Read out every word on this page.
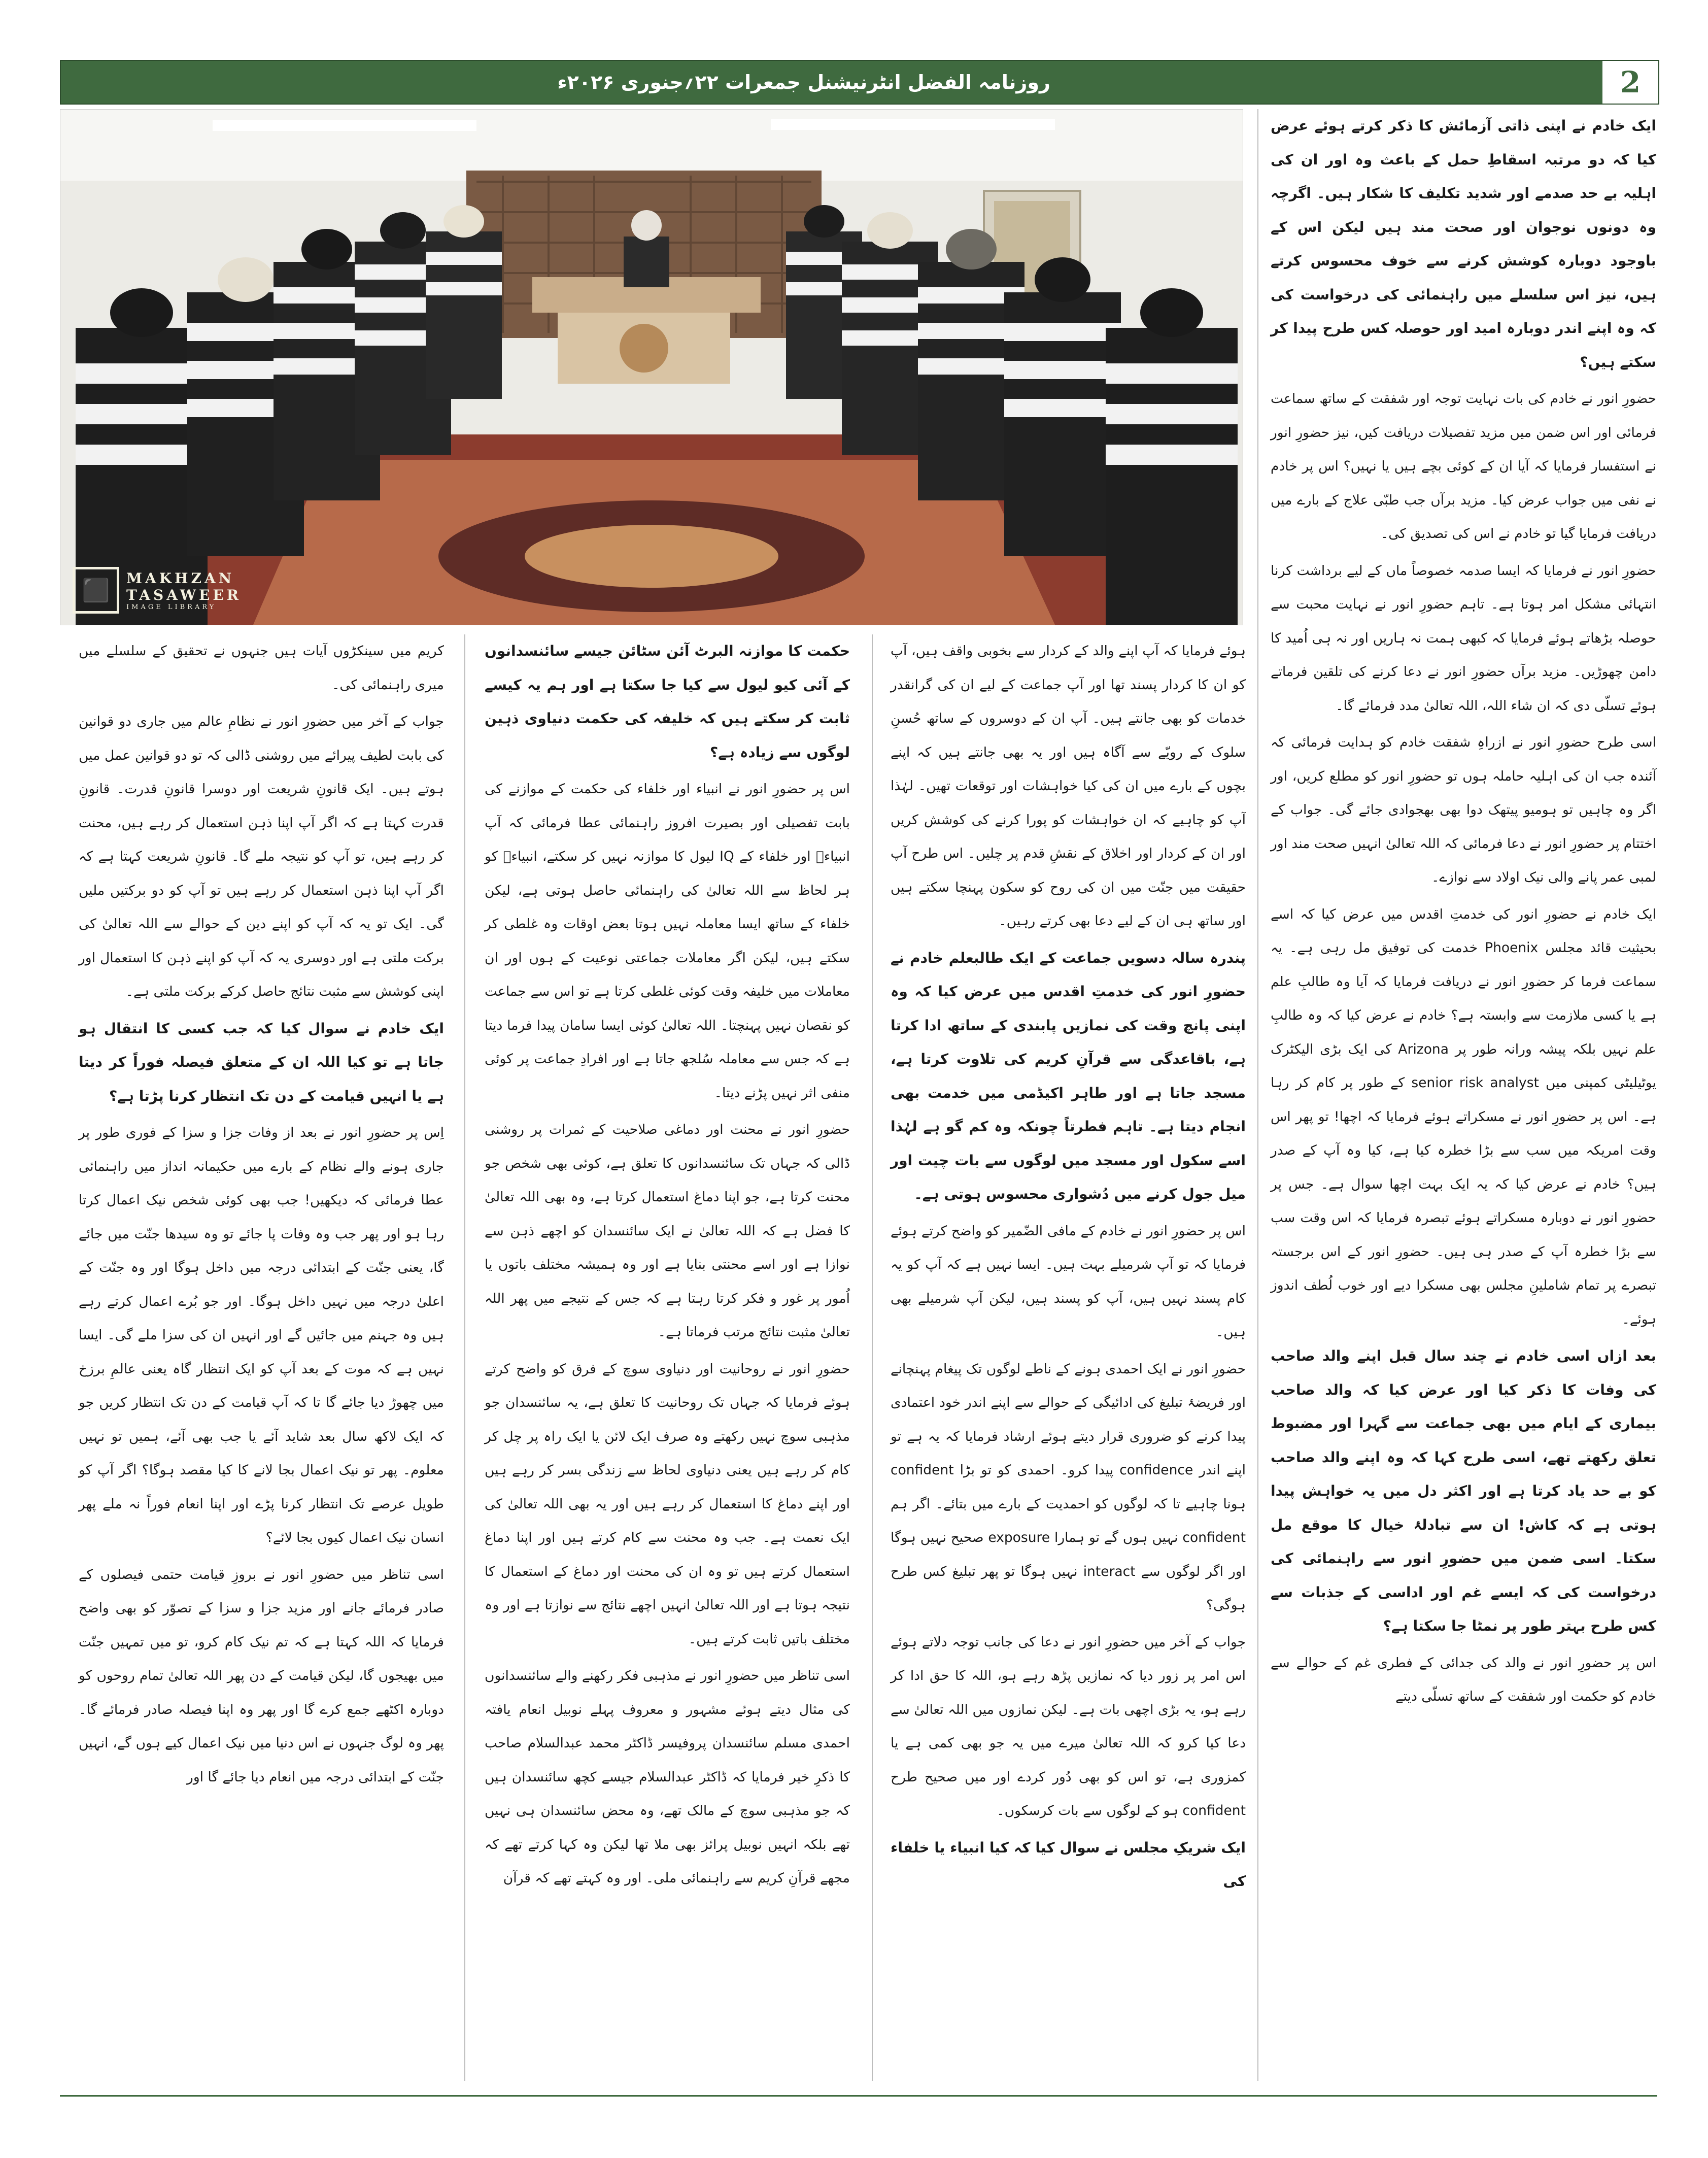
روزنامہ الفضل انٹرنیشنل جمعرات ۲۲؍جنوری ۲۰۲۶ء	2
⬛	MAKHZAN
TASAWEER
IMAGE LIBRARY

ایک خادم نے اپنی ذاتی آزمائش کا ذکر کرتے ہوئے عرض کیا کہ دو مرتبہ اسقاطِ حمل کے باعث وہ اور ان کی اہلیہ بے حد صدمے اور شدید تکلیف کا شکار ہیں۔ اگرچہ وہ دونوں نوجوان اور صحت مند ہیں لیکن اس کے باوجود دوبارہ کوشش کرنے سے خوف محسوس کرتے ہیں، نیز اس سلسلے میں راہنمائی کی درخواست کی کہ وہ اپنے اندر دوبارہ امید اور حوصلہ کس طرح پیدا کر سکتے ہیں؟

حضورِ انور نے خادم کی بات نہایت توجہ اور شفقت کے ساتھ سماعت فرمائی اور اس ضمن میں مزید تفصیلات دریافت کیں، نیز حضورِ انور نے استفسار فرمایا کہ آیا ان کے کوئی بچے ہیں یا نہیں؟ اس پر خادم نے نفی میں جواب عرض کیا۔ مزید برآں جب طبّی علاج کے بارے میں دریافت فرمایا گیا تو خادم نے اس کی تصدیق کی۔

حضورِ انور نے فرمایا کہ ایسا صدمہ خصوصاً ماں کے لیے برداشت کرنا انتہائی مشکل امر ہوتا ہے۔ تاہم حضورِ انور نے نہایت محبت سے حوصلہ بڑھاتے ہوئے فرمایا کہ کبھی ہمت نہ ہاریں اور نہ ہی اُمید کا دامن چھوڑیں۔ مزید برآں حضورِ انور نے دعا کرنے کی تلقین فرماتے ہوئے تسلّی دی کہ ان شاء اللہ، اللہ تعالیٰ مدد فرمائے گا۔

اسی طرح حضورِ انور نے ازراہِ شفقت خادم کو ہدایت فرمائی کہ آئندہ جب ان کی اہلیہ حاملہ ہوں تو حضورِ انور کو مطلع کریں، اور اگر وہ چاہیں تو ہومیو پیتھک دوا بھی بھجوادی جائے گی۔ جواب کے اختتام پر حضورِ انور نے دعا فرمائی کہ اللہ تعالیٰ انہیں صحت مند اور لمبی عمر پانے والی نیک اولاد سے نوازے۔

ایک خادم نے حضورِ انور کی خدمتِ اقدس میں عرض کیا کہ اسے بحیثیت قائد مجلس Phoenix خدمت کی توفیق مل رہی ہے۔ یہ سماعت فرما کر حضورِ انور نے دریافت فرمایا کہ آیا وہ طالبِ علم ہے یا کسی ملازمت سے وابستہ ہے؟ خادم نے عرض کیا کہ وہ طالبِ علم نہیں بلکہ پیشہ ورانہ طور پر Arizona کی ایک بڑی الیکٹرک یوٹیلیٹی کمپنی میں senior risk analyst کے طور پر کام کر رہا ہے۔ اس پر حضورِ انور نے مسکراتے ہوئے فرمایا کہ اچھا! تو پھر اس وقت امریکہ میں سب سے بڑا خطرہ کیا ہے، کیا وہ آپ کے صدر ہیں؟ خادم نے عرض کیا کہ یہ ایک بہت اچھا سوال ہے۔ جس پر حضورِ انور نے دوبارہ مسکراتے ہوئے تبصرہ فرمایا کہ اس وقت سب سے بڑا خطرہ آپ کے صدر ہی ہیں۔ حضورِ انور کے اس برجستہ تبصرے پر تمام شاملینِ مجلس بھی مسکرا دیے اور خوب لُطف اندوز ہوئے۔

بعد ازاں اسی خادم نے چند سال قبل اپنے والد صاحب کی وفات کا ذکر کیا اور عرض کیا کہ والد صاحب بیماری کے ایام میں بھی جماعت سے گہرا اور مضبوط تعلق رکھتے تھے، اسی طرح کہا کہ وہ اپنے والد صاحب کو بے حد یاد کرتا ہے اور اکثر دل میں یہ خواہش پیدا ہوتی ہے کہ کاش! ان سے تبادلۂ خیال کا موقع مل سکتا۔ اسی ضمن میں حضورِ انور سے راہنمائی کی درخواست کی کہ ایسے غم اور اداسی کے جذبات سے کس طرح بہتر طور پر نمٹا جا سکتا ہے؟

اس پر حضورِ انور نے والد کی جدائی کے فطری غم کے حوالے سے خادم کو حکمت اور شفقت کے ساتھ تسلّی دیتے

ہوئے فرمایا کہ آپ اپنے والد کے کردار سے بخوبی واقف ہیں، آپ کو ان کا کردار پسند تھا اور آپ جماعت کے لیے ان کی گرانقدر خدمات کو بھی جانتے ہیں۔ آپ ان کے دوسروں کے ساتھ حُسنِ سلوک کے رویّے سے آگاہ ہیں اور یہ بھی جانتے ہیں کہ اپنے بچوں کے بارے میں ان کی کیا خواہشات اور توقعات تھیں۔ لہٰذا آپ کو چاہیے کہ ان خواہشات کو پورا کرنے کی کوشش کریں اور ان کے کردار اور اخلاق کے نقشِ قدم پر چلیں۔ اس طرح آپ حقیقت میں جنّت میں ان کی روح کو سکون پہنچا سکتے ہیں اور ساتھ ہی ان کے لیے دعا بھی کرتے رہیں۔

پندرہ سالہ دسویں جماعت کے ایک طالبعلم خادم نے حضورِ انور کی خدمتِ اقدس میں عرض کیا کہ وہ اپنی پانچ وقت کی نمازیں پابندی کے ساتھ ادا کرتا ہے، باقاعدگی سے قرآنِ کریم کی تلاوت کرتا ہے، مسجد جاتا ہے اور طاہر اکیڈمی میں خدمت بھی انجام دیتا ہے۔ تاہم فطرتاً چونکہ وہ کم گو ہے لہٰذا اسے سکول اور مسجد میں لوگوں سے بات چیت اور میل جول کرنے میں دُشواری محسوس ہوتی ہے۔

اس پر حضورِ انور نے خادم کے مافی الضّمیر کو واضح کرتے ہوئے فرمایا کہ تو آپ شرمیلے بہت ہیں۔ ایسا نہیں ہے کہ آپ کو یہ کام پسند نہیں ہیں، آپ کو پسند ہیں، لیکن آپ شرمیلے بھی ہیں۔

حضورِ انور نے ایک احمدی ہونے کے ناطے لوگوں تک پیغام پہنچانے اور فریضۂ تبلیغ کی ادائیگی کے حوالے سے اپنے اندر خود اعتمادی پیدا کرنے کو ضروری قرار دیتے ہوئے ارشاد فرمایا کہ یہ ہے تو اپنے اندر confidence پیدا کرو۔ احمدی کو تو بڑا confident ہونا چاہیے تا کہ لوگوں کو احمدیت کے بارے میں بتائے۔ اگر ہم confident نہیں ہوں گے تو ہمارا exposure صحیح نہیں ہوگا اور اگر لوگوں سے interact نہیں ہوگا تو پھر تبلیغ کس طرح ہوگی؟

جواب کے آخر میں حضورِ انور نے دعا کی جانب توجہ دلاتے ہوئے اس امر پر زور دیا کہ نمازیں پڑھ رہے ہو، اللہ کا حق ادا کر رہے ہو، یہ بڑی اچھی بات ہے۔ لیکن نمازوں میں اللہ تعالیٰ سے دعا کیا کرو کہ اللہ تعالیٰ میرے میں یہ جو بھی کمی ہے یا کمزوری ہے، تو اس کو بھی دُور کردے اور میں صحیح طرح confident ہو کے لوگوں سے بات کرسکوں۔

ایک شریکِ مجلس نے سوال کیا کہ کیا انبیاء یا خلفاء کی

حکمت کا موازنہ البرٹ آئن سٹائن جیسے سائنسدانوں کے آئی کیو لیول سے کیا جا سکتا ہے اور ہم یہ کیسے ثابت کر سکتے ہیں کہ خلیفہ کی حکمت دنیاوی ذہین لوگوں سے زیادہ ہے؟

اس پر حضورِ انور نے انبیاء اور خلفاء کی حکمت کے موازنے کی بابت تفصیلی اور بصیرت افروز راہنمائی عطا فرمائی کہ آپ انبیاءؑ اور خلفاء کے IQ لیول کا موازنہ نہیں کر سکتے، انبیاءؑ کو ہر لحاظ سے اللہ تعالیٰ کی راہنمائی حاصل ہوتی ہے، لیکن خلفاء کے ساتھ ایسا معاملہ نہیں ہوتا بعض اوقات وہ غلطی کر سکتے ہیں، لیکن اگر معاملات جماعتی نوعیت کے ہوں اور ان معاملات میں خلیفہ وقت کوئی غلطی کرتا ہے تو اس سے جماعت کو نقصان نہیں پہنچتا۔ اللہ تعالیٰ کوئی ایسا سامان پیدا فرما دیتا ہے کہ جس سے معاملہ سُلجھ جاتا ہے اور افرادِ جماعت پر کوئی منفی اثر نہیں پڑنے دیتا۔

حضورِ انور نے محنت اور دماغی صلاحیت کے ثمرات پر روشنی ڈالی کہ جہاں تک سائنسدانوں کا تعلق ہے، کوئی بھی شخص جو محنت کرتا ہے، جو اپنا دماغ استعمال کرتا ہے، وہ بھی اللہ تعالیٰ کا فضل ہے کہ اللہ تعالیٰ نے ایک سائنسدان کو اچھے ذہن سے نوازا ہے اور اسے محنتی بنایا ہے اور وہ ہمیشہ مختلف باتوں یا اُمور پر غور و فکر کرتا رہتا ہے کہ جس کے نتیجے میں پھر اللہ تعالیٰ مثبت نتائج مرتب فرماتا ہے۔

حضورِ انور نے روحانیت اور دنیاوی سوچ کے فرق کو واضح کرتے ہوئے فرمایا کہ جہاں تک روحانیت کا تعلق ہے، یہ سائنسدان جو مذہبی سوچ نہیں رکھتے وہ صرف ایک لائن یا ایک راہ پر چل کر کام کر رہے ہیں یعنی دنیاوی لحاظ سے زندگی بسر کر رہے ہیں اور اپنے دماغ کا استعمال کر رہے ہیں اور یہ بھی اللہ تعالیٰ کی ایک نعمت ہے۔ جب وہ محنت سے کام کرتے ہیں اور اپنا دماغ استعمال کرتے ہیں تو وہ ان کی محنت اور دماغ کے استعمال کا نتیجہ ہوتا ہے اور اللہ تعالیٰ انہیں اچھے نتائج سے نوازتا ہے اور وہ مختلف باتیں ثابت کرتے ہیں۔

اسی تناظر میں حضورِ انور نے مذہبی فکر رکھنے والے سائنسدانوں کی مثال دیتے ہوئے مشہور و معروف پہلے نوبیل انعام یافتہ احمدی مسلم سائنسدان پروفیسر ڈاکٹر محمد عبدالسلام صاحب کا ذکرِ خیر فرمایا کہ ڈاکٹر عبدالسلام جیسے کچھ سائنسدان ہیں کہ جو مذہبی سوچ کے مالک تھے، وہ محض سائنسدان ہی نہیں تھے بلکہ انہیں نوبیل پرائز بھی ملا تھا لیکن وہ کہا کرتے تھے کہ مجھے قرآنِ کریم سے راہنمائی ملی۔ اور وہ کہتے تھے کہ قرآن

کریم میں سینکڑوں آیات ہیں جنہوں نے تحقیق کے سلسلے میں میری راہنمائی کی۔

جواب کے آخر میں حضورِ انور نے نظامِ عالم میں جاری دو قوانین کی بابت لطیف پیرائے میں روشنی ڈالی کہ تو دو قوانین عمل میں ہوتے ہیں۔ ایک قانونِ شریعت اور دوسرا قانونِ قدرت۔ قانونِ قدرت کہتا ہے کہ اگر آپ اپنا ذہن استعمال کر رہے ہیں، محنت کر رہے ہیں، تو آپ کو نتیجہ ملے گا۔ قانونِ شریعت کہتا ہے کہ اگر آپ اپنا ذہن استعمال کر رہے ہیں تو آپ کو دو برکتیں ملیں گی۔ ایک تو یہ کہ آپ کو اپنے دین کے حوالے سے اللہ تعالیٰ کی برکت ملتی ہے اور دوسری یہ کہ آپ کو اپنے ذہن کا استعمال اور اپنی کوشش سے مثبت نتائج حاصل کرکے برکت ملتی ہے۔

ایک خادم نے سوال کیا کہ جب کسی کا انتقال ہو جاتا ہے تو کیا اللہ ان کے متعلق فیصلہ فوراً کر دیتا ہے یا انہیں قیامت کے دن تک انتظار کرنا پڑتا ہے؟

اِس پر حضورِ انور نے بعد از وفات جزا و سزا کے فوری طور پر جاری ہونے والے نظام کے بارے میں حکیمانہ انداز میں راہنمائی عطا فرمائی کہ دیکھیں! جب بھی کوئی شخص نیک اعمال کرتا رہا ہو اور پھر جب وہ وفات پا جائے تو وہ سیدھا جنّت میں جائے گا، یعنی جنّت کے ابتدائی درجہ میں داخل ہوگا اور وہ جنّت کے اعلیٰ درجہ میں نہیں داخل ہوگا۔ اور جو بُرے اعمال کرتے رہے ہیں وہ جہنم میں جائیں گے اور انہیں ان کی سزا ملے گی۔ ایسا نہیں ہے کہ موت کے بعد آپ کو ایک انتظار گاہ یعنی عالمِ برزخ میں چھوڑ دیا جائے گا تا کہ آپ قیامت کے دن تک انتظار کریں جو کہ ایک لاکھ سال بعد شاید آئے یا جب بھی آئے، ہمیں تو نہیں معلوم۔ پھر تو نیک اعمال بجا لانے کا کیا مقصد ہوگا؟ اگر آپ کو طویل عرصے تک انتظار کرنا پڑے اور اپنا انعام فوراً نہ ملے پھر انسان نیک اعمال کیوں بجا لائے؟

اسی تناظر میں حضورِ انور نے بروزِ قیامت حتمی فیصلوں کے صادر فرمائے جانے اور مزید جزا و سزا کے تصوّر کو بھی واضح فرمایا کہ اللہ کہتا ہے کہ تم نیک کام کرو، تو میں تمہیں جنّت میں بھیجوں گا، لیکن قیامت کے دن پھر اللہ تعالیٰ تمام روحوں کو دوبارہ اکٹھے جمع کرے گا اور پھر وہ اپنا فیصلہ صادر فرمائے گا۔ پھر وہ لوگ جنہوں نے اس دنیا میں نیک اعمال کیے ہوں گے، انہیں جنّت کے ابتدائی درجہ میں انعام دیا جائے گا اور
